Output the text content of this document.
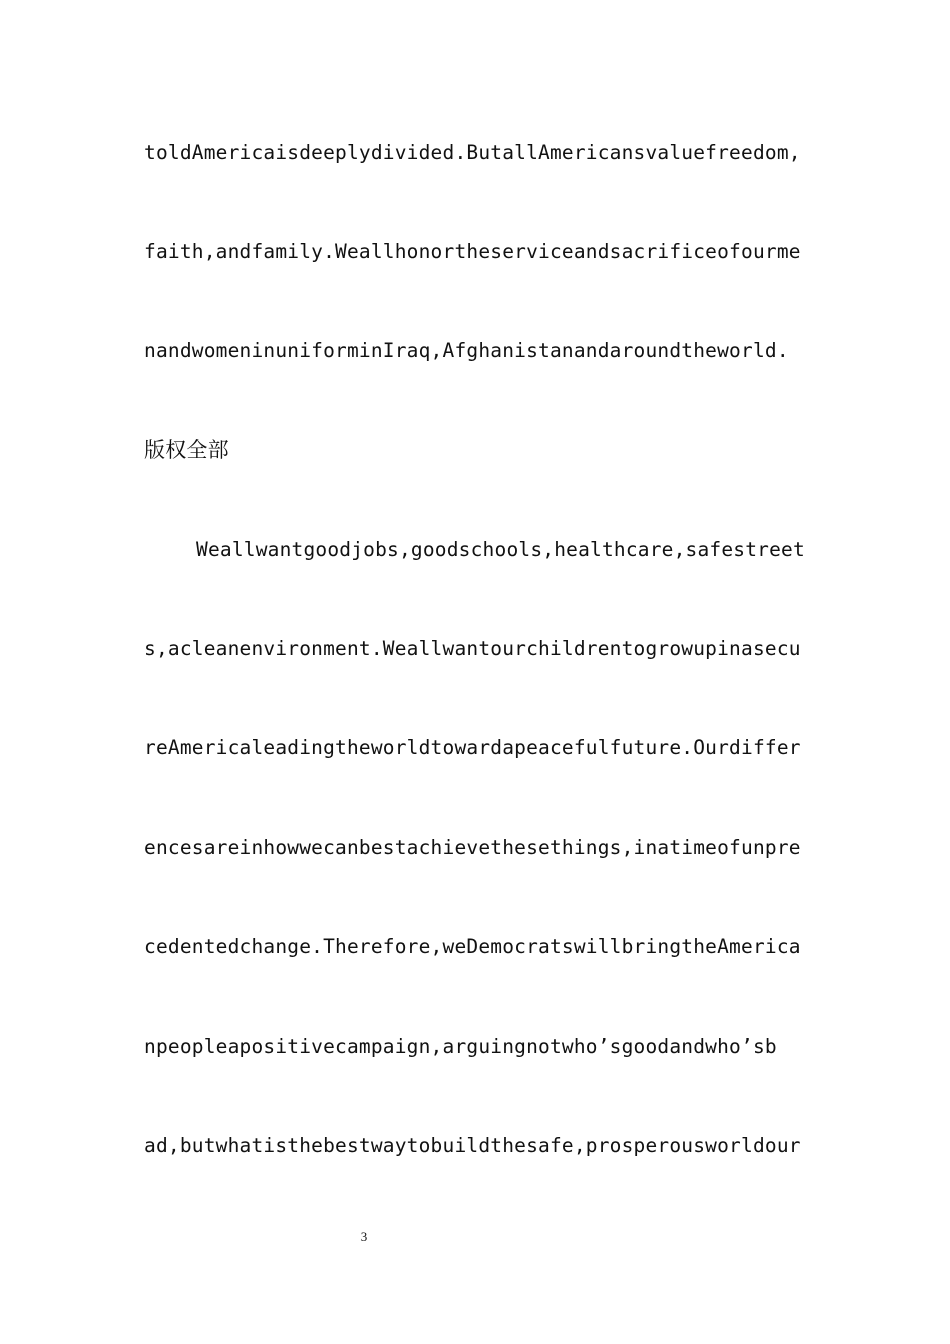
toldAmericaisdeeplydivided.ButallAmericansvaluefreedom,
faith,andfamily.Weallhonortheserviceandsacrificeofourme
nandwomeninuniforminIraq,Afghanistanandaroundtheworld.
版权全部
Weallwantgoodjobs,goodschools,healthcare,safestreet
s,acleanenvironment.Weallwantourchildrentogrowupinasecu
reAmericaleadingtheworldtowardapeacefulfuture.Ourdiffer
encesareinhowwecanbestachievethesethings,inatimeofunpre
cedentedchange.Therefore,weDemocratswillbringtheAmerica
npeopleapositivecampaign,arguingnotwho’sgoodandwho’sb
ad,butwhatisthebestwaytobuildthesafe,prosperousworldour
3
